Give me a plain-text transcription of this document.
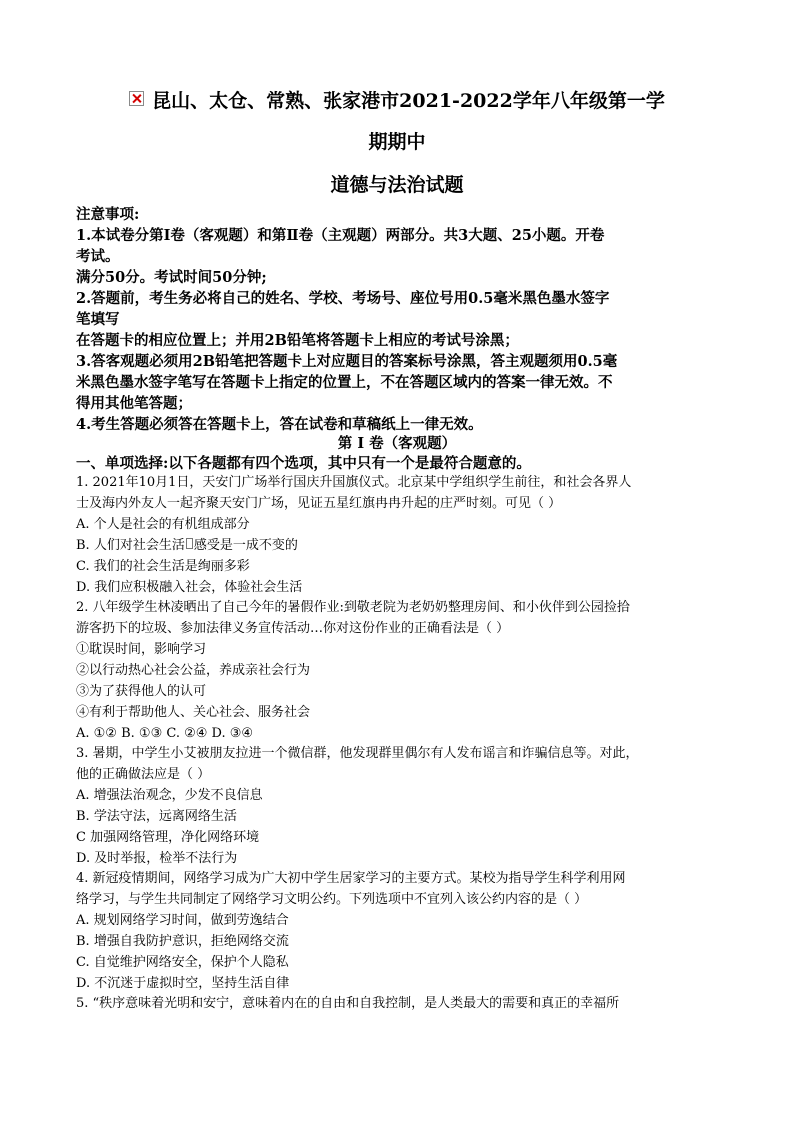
昆山、太仓、常熟、张家港市2021-2022学年八年级第一学
期期中
道德与法治试题
注意事项:
1.本试卷分第Ⅰ卷（客观题）和第Ⅱ卷（主观题）两部分。共3大题、25小题。开卷
考试。
满分50分。考试时间50分钟;
2.答题前，考生务必将自己的姓名、学校、考场号、座位号用0.5毫米黑色墨水签字
笔填写
在答题卡的相应位置上；并用2B铅笔将答题卡上相应的考试号涂黑；
3.答客观题必须用2B铅笔把答题卡上对应题目的答案标号涂黑，答主观题须用0.5毫
米黑色墨水签字笔写在答题卡上指定的位置上，不在答题区域内的答案一律无效。不
得用其他笔答题；
4.考生答题必须答在答题卡上，答在试卷和草稿纸上一律无效。
第 Ⅰ 卷（客观题）
一、单项选择:以下各题都有四个选项，其中只有一个是最符合题意的。
1. 2021年10月1日，天安门广场举行国庆升国旗仪式。北京某中学组织学生前往，和社会各界人
士及海内外友人一起齐聚天安门广场，见证五星红旗冉冉升起的庄严时刻。可见（ ）
A. 个人是社会的有机组成部分
B. 人们对社会生活 感受是一成不变的
C. 我们的社会生活是绚丽多彩
D. 我们应积极融入社会，体验社会生活
2. 八年级学生林凌晒出了自己今年的暑假作业:到敬老院为老奶奶整理房间、和小伙伴到公园捡拾
游客扔下的垃圾、参加法律义务宣传活动…你对这份作业的正确看法是（ ）
①耽误时间，影响学习
②以行动热心社会公益，养成亲社会行为
③为了获得他人的认可
④有利于帮助他人、关心社会、服务社会
A. ①② B. ①③ C. ②④ D. ③④
3. 暑期，中学生小艾被朋友拉进一个微信群，他发现群里偶尔有人发布谣言和诈骗信息等。对此，
他的正确做法应是（ ）
A. 增强法治观念，少发不良信息
B. 学法守法，远离网络生活
C 加强网络管理，净化网络环境
D. 及时举报，检举不法行为
4. 新冠疫情期间，网络学习成为广大初中学生居家学习的主要方式。某校为指导学生科学利用网
络学习，与学生共同制定了网络学习文明公约。下列选项中不宜列入该公约内容的是（ ）
A. 规划网络学习时间，做到劳逸结合
B. 增强自我防护意识，拒绝网络交流
C. 自觉维护网络安全，保护个人隐私
D. 不沉迷于虚拟时空，坚持生活自律
5. “秩序意味着光明和安宁，意味着内在的自由和自我控制，是人类最大的需要和真正的幸福所
